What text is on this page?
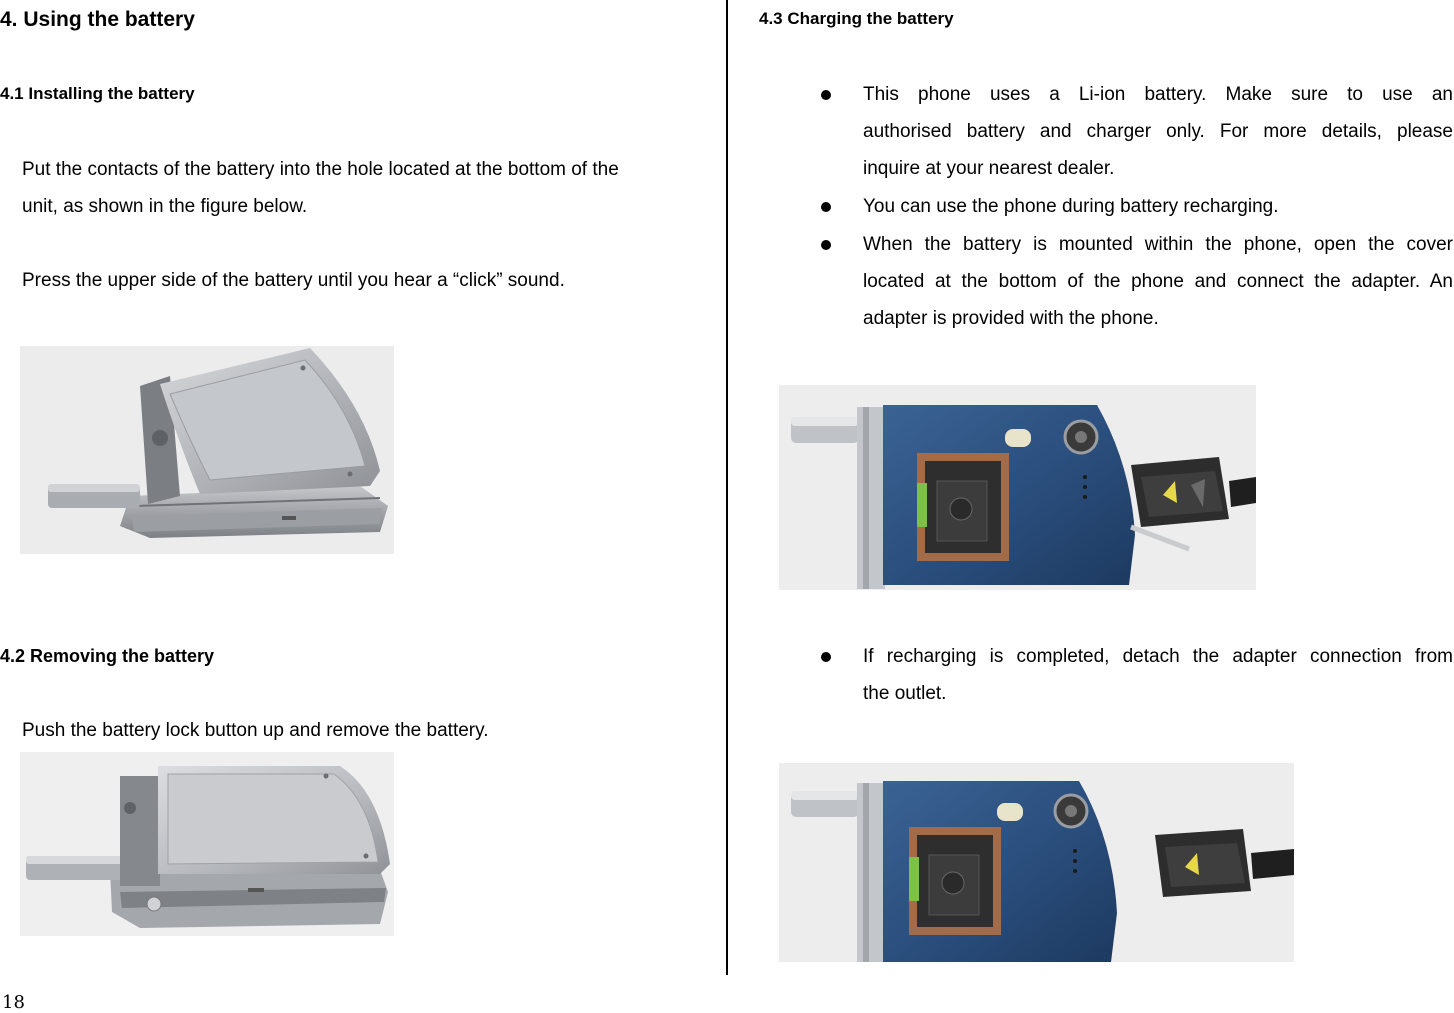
4. Using the battery
4.1 Installing the battery
Put the contacts of the battery into the hole located at the bottom of the
unit, as shown in the figure below.
Press the upper side of the battery until you hear a “click” sound.
4.2 Removing the battery
Push the battery lock button up and remove the battery.
4.3 Charging the battery
This phone uses a Li-ion battery. Make sure to use an
authorised battery and charger only. For more details, please
inquire at your nearest dealer.
You can use the phone during battery recharging.
When the battery is mounted within the phone, open the cover
located at the bottom of the phone and connect the adapter. An
adapter is provided with the phone.
If recharging is completed, detach the adapter connection from
the outlet.
18
